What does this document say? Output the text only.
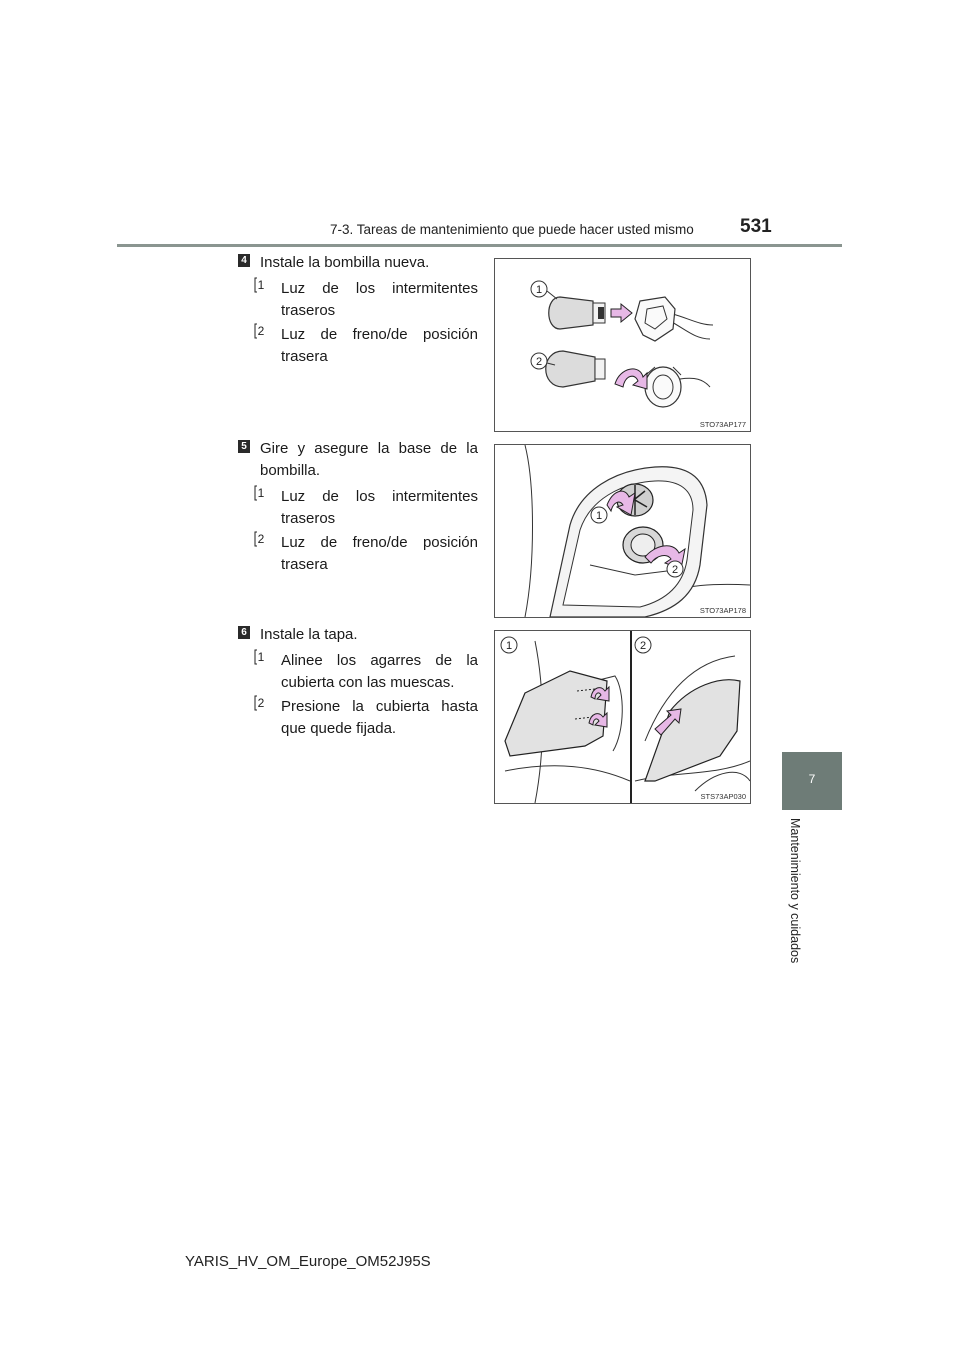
7-3. Tareas de mantenimiento que puede hacer usted mismo 531
7
Mantenimiento y cuidados
4 Instale la bombilla nueva.
1 Luz de los intermitentes traseros
2 Luz de freno/de posición trasera
1
2
STO73AP177
5 Gire y asegure la base de la bombilla.
1 Luz de los intermitentes traseros
2 Luz de freno/de posición trasera
1
2
STO73AP178
6 Instale la tapa.
1 Alinee los agarres de la cubierta con las muescas.
2 Presione la cubierta hasta que quede fijada.
1	2
STS73AP030
YARIS_HV_OM_Europe_OM52J95S
